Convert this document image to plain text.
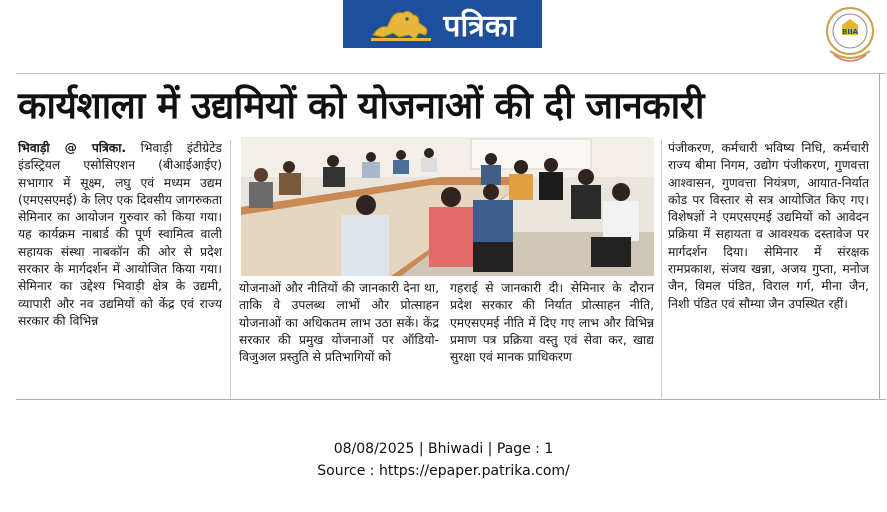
पत्रिका	BIIA
कार्यशाला में उद्यमियों को योजनाओं की दी जानकारी
भिवाड़ी @ पत्रिका. भिवाड़ी इंटीग्रेटेड इंडस्ट्रियल एसोसिएशन (बीआईआईए) सभागार में सूक्ष्म, लघु एवं मध्यम उद्यम (एमएसएमई) के लिए एक दिवसीय जागरुकता सेमिनार का आयोजन गुरुवार को किया गया। यह कार्यक्रम नाबार्ड की पूर्ण स्वामित्व वाली सहायक संस्था नाबकॉन की ओर से प्रदेश सरकार के मार्गदर्शन में आयोजित किया गया। सेमिनार का उद्देश्य भिवाड़ी क्षेत्र के उद्यमी, व्यापारी और नव उद्यमियों को केंद्र एवं राज्य सरकार की विभिन्न
योजनाओं और नीतियों की जानकारी देना था, ताकि वे उपलब्ध लाभों और प्रोत्साहन योजनाओं का अधिकतम लाभ उठा सकें। केंद्र सरकार की प्रमुख योजनाओं पर ऑडियो-विजुअल प्रस्तुति से प्रतिभागियों को
गहराई से जानकारी दी। सेमिनार के दौरान प्रदेश सरकार की निर्यात प्रोत्साहन नीति, एमएसएमई नीति में दिए गए लाभ और विभिन्न प्रमाण पत्र प्रक्रिया वस्तु एवं सेवा कर, खाद्य सुरक्षा एवं मानक प्राधिकरण
पंजीकरण, कर्मचारी भविष्य निधि, कर्मचारी राज्य बीमा निगम, उद्योग पंजीकरण, गुणवत्ता आश्वासन, गुणवत्ता नियंत्रण, आयात-निर्यात कोड पर विस्तार से सत्र आयोजित किए गए। विशेषज्ञों ने एमएसएमई उद्यमियों को आवेदन प्रक्रिया में सहायता व आवश्यक दस्तावेज पर मार्गदर्शन दिया। सेमिनार में संरक्षक रामप्रकाश, संजय खन्ना, अजय गुप्ता, मनोज जैन, विमल पंडित, विराल गर्ग, मीना जैन, निशी पंडित एवं सौम्या जैन उपस्थित रहीं।
08/08/2025 | Bhiwadi | Page : 1
Source : https://epaper.patrika.com/
